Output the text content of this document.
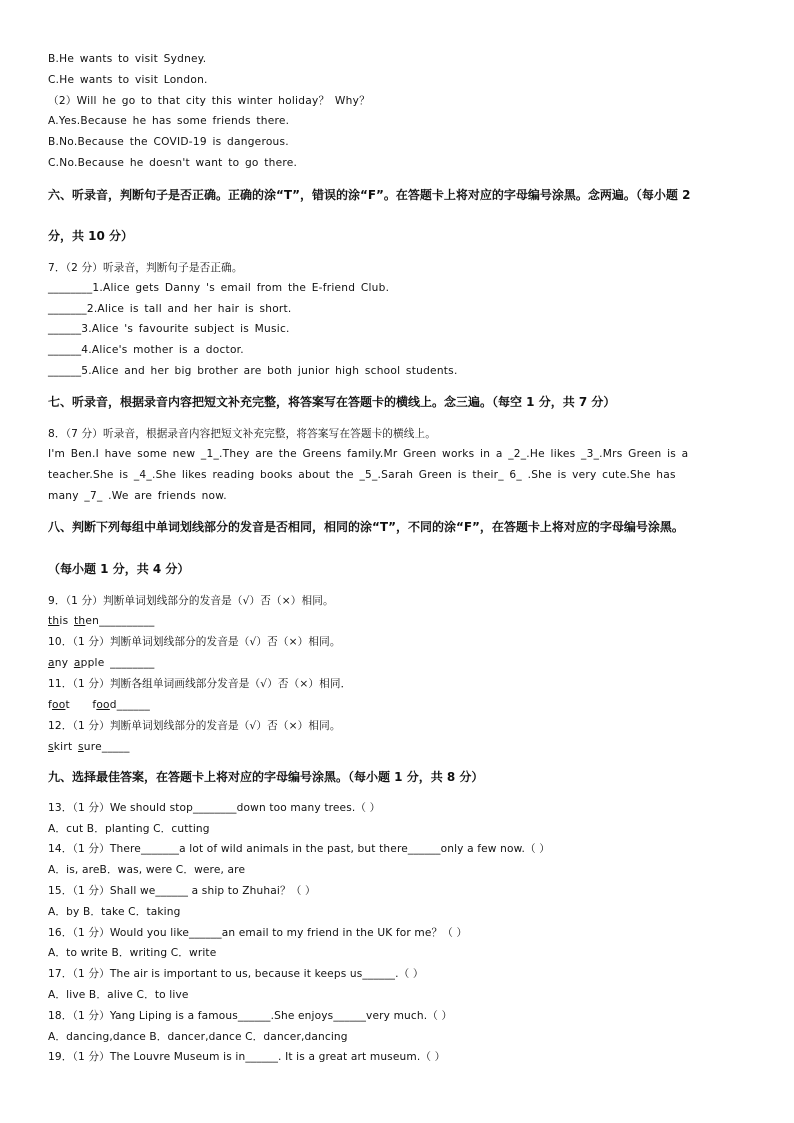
B.He wants to visit Sydney.
C.He wants to visit London.
（2）Will he go to that city this winter holiday？ Why？
A.Yes.Because he has some friends there.
B.No.Because the COVID-19 is dangerous.
C.No.Because he doesn't want to go there.
六、听录音，判断句子是否正确。正确的涂“T”，错误的涂“F”。在答题卡上将对应的字母编号涂黑。念两遍。（每小题 2
分，共 10 分）
7．（2 分）听录音，判断句子是否正确。
________1.Alice gets Danny 's email from the E-friend Club.
_______2.Alice is tall and her hair is short.
______3.Alice 's favourite subject is Music.
______4.Alice's mother is a doctor.
______5.Alice and her big brother are both junior high school students.
七、听录音，根据录音内容把短文补充完整，将答案写在答题卡的横线上。念三遍。（每空 1 分，共 7 分）
8．（7 分）听录音，根据录音内容把短文补充完整，将答案写在答题卡的横线上。
I'm Ben.I have some new _1_.They are the Greens family.Mr Green works in a _2_.He likes _3_.Mrs Green is a
teacher.She is _4_.She likes reading books about the _5_.Sarah Green is their_ 6_ .She is very cute.She has
many _7_ .We are friends now.
八、判断下列每组中单词划线部分的发音是否相同，相同的涂“T”，不同的涂“F”，在答题卡上将对应的字母编号涂黑。
（每小题 1 分，共 4 分）
9．（1 分）判断单词划线部分的发音是（√）否（×）相同。
this then__________
10．（1 分）判断单词划线部分的发音是（√）否（×）相同。
any apple ________
11．（1 分）判断各组单词画线部分发音是（√）否（×）相同．
foot food______
12．（1 分）判断单词划线部分的发音是（√）否（×）相同。
skirt sure_____
九、选择最佳答案，在答题卡上将对应的字母编号涂黑。（每小题 1 分，共 8 分）
13．（1 分）We should stop________down too many trees.（ ）
A．cut B．planting C．cutting
14．（1 分）There_______a lot of wild animals in the past, but there______only a few now.（ ）
A．is, areB．was, were C．were, are
15．（1 分）Shall we______ a ship to Zhuhai？（ ）
A．by B．take C．taking
16．（1 分）Would you like______an email to my friend in the UK for me？（ ）
A．to write B．writing C．write
17．（1 分）The air is important to us, because it keeps us______.（ ）
A．live B．alive C．to live
18．（1 分）Yang Liping is a famous______.She enjoys______very much.（ ）
A．dancing,dance B．dancer,dance C．dancer,dancing
19．（1 分）The Louvre Museum is in______. It is a great art museum.（ ）
